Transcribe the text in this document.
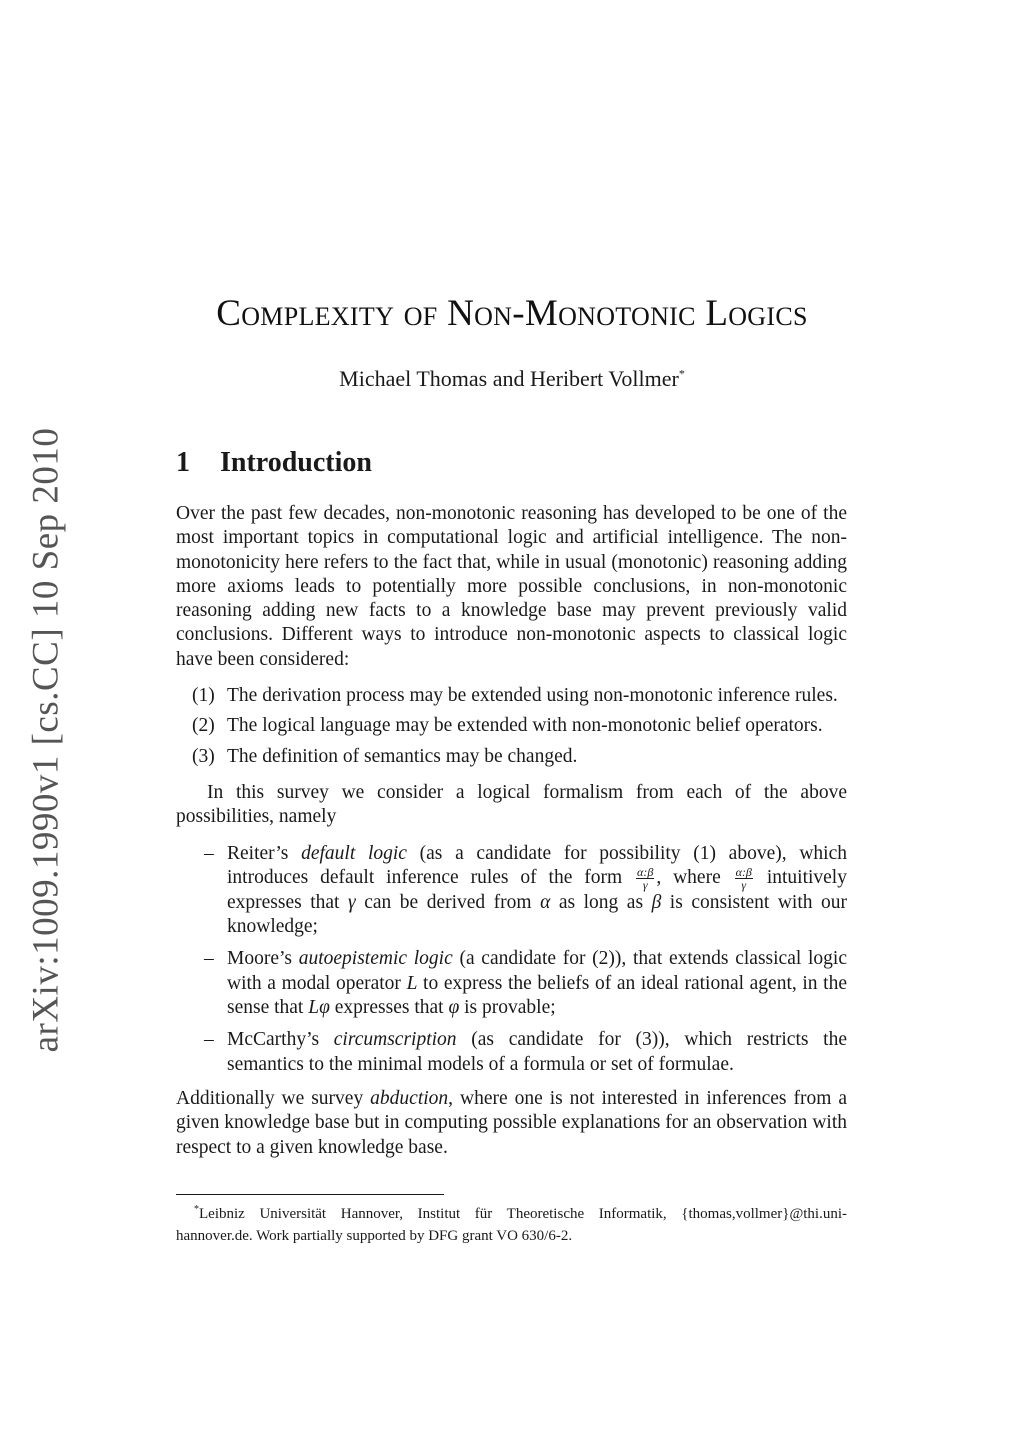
arXiv:1009.1990v1 [cs.CC] 10 Sep 2010
Complexity of Non-Monotonic Logics
Michael Thomas and Heribert Vollmer*
1 Introduction

Over the past few decades, non-monotonic reasoning has developed to be one of the most important topics in computational logic and artificial intelligence. The non-monotonicity here refers to the fact that, while in usual (monotonic) reasoning adding more axioms leads to potentially more possible conclusions, in non-monotonic reasoning adding new facts to a knowledge base may prevent previously valid conclusions. Different ways to introduce non-monotonic aspects to classical logic have been considered:

(1) The derivation process may be extended using non-monotonic inference rules.
(2) The logical language may be extended with non-monotonic belief operators.
(3) The definition of semantics may be changed.

In this survey we consider a logical formalism from each of the above possibilities, namely

– Reiter’s default logic (as a candidate for possibility (1) above), which introduces default inference rules of the form $\frac{\alpha:\beta}{\gamma}$ , where $\frac{\alpha:\beta}{\gamma}$ intuitively expresses that γ can be derived from α as long as β is consistent with our knowledge;
– Moore’s autoepistemic logic (a candidate for (2)), that extends classical logic with a modal operator L to express the beliefs of an ideal rational agent, in the sense that Lφ expresses that φ is provable;
– McCarthy’s circumscription (as candidate for (3)), which restricts the semantics to the minimal models of a formula or set of formulae.

Additionally we survey abduction, where one is not interested in inferences from a given knowledge base but in computing possible explanations for an observation with respect to a given knowledge base.

*Leibniz Universität Hannover, Institut für Theoretische Informatik, {thomas,vollmer}@thi.uni-hannover.de. Work partially supported by DFG grant VO 630/6-2.
